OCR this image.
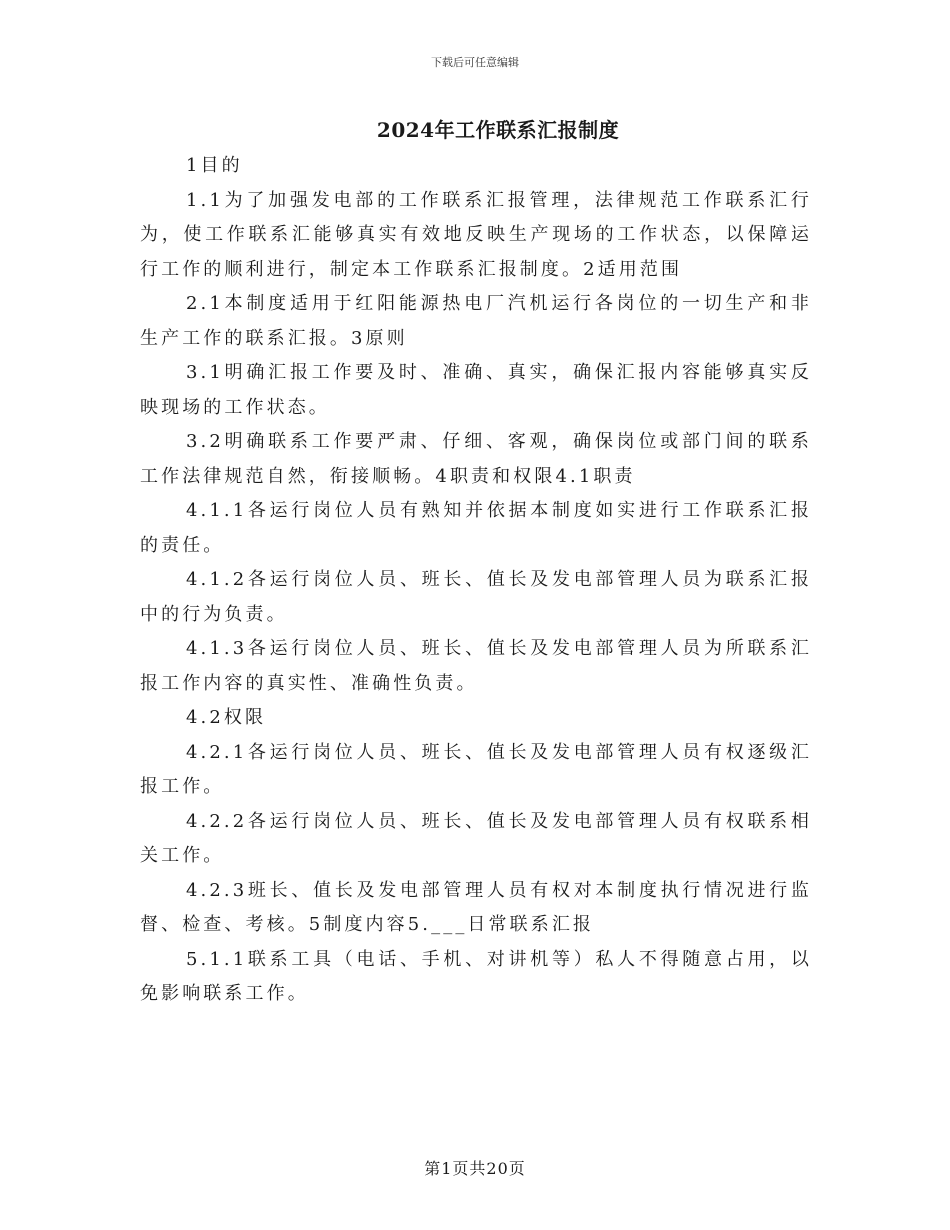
下载后可任意编辑
2024年工作联系汇报制度

1目的

1.1为了加强发电部的工作联系汇报管理，法律规范工作联系汇行为，使工作联系汇能够真实有效地反映生产现场的工作状态，以保障运行工作的顺利进行，制定本工作联系汇报制度。2适用范围

2.1本制度适用于红阳能源热电厂汽机运行各岗位的一切生产和非生产工作的联系汇报。3原则

3.1明确汇报工作要及时、准确、真实，确保汇报内容能够真实反映现场的工作状态。

3.2明确联系工作要严肃、仔细、客观，确保岗位或部门间的联系工作法律规范自然，衔接顺畅。4职责和权限4.1职责

4.1.1各运行岗位人员有熟知并依据本制度如实进行工作联系汇报的责任。

4.1.2各运行岗位人员、班长、值长及发电部管理人员为联系汇报中的行为负责。

4.1.3各运行岗位人员、班长、值长及发电部管理人员为所联系汇报工作内容的真实性、准确性负责。

4.2权限

4.2.1各运行岗位人员、班长、值长及发电部管理人员有权逐级汇报工作。

4.2.2各运行岗位人员、班长、值长及发电部管理人员有权联系相关工作。

4.2.3班长、值长及发电部管理人员有权对本制度执行情况进行监督、检查、考核。5制度内容5.___日常联系汇报

5.1.1联系工具（电话、手机、对讲机等）私人不得随意占用，以免影响联系工作。

第1页共20页
